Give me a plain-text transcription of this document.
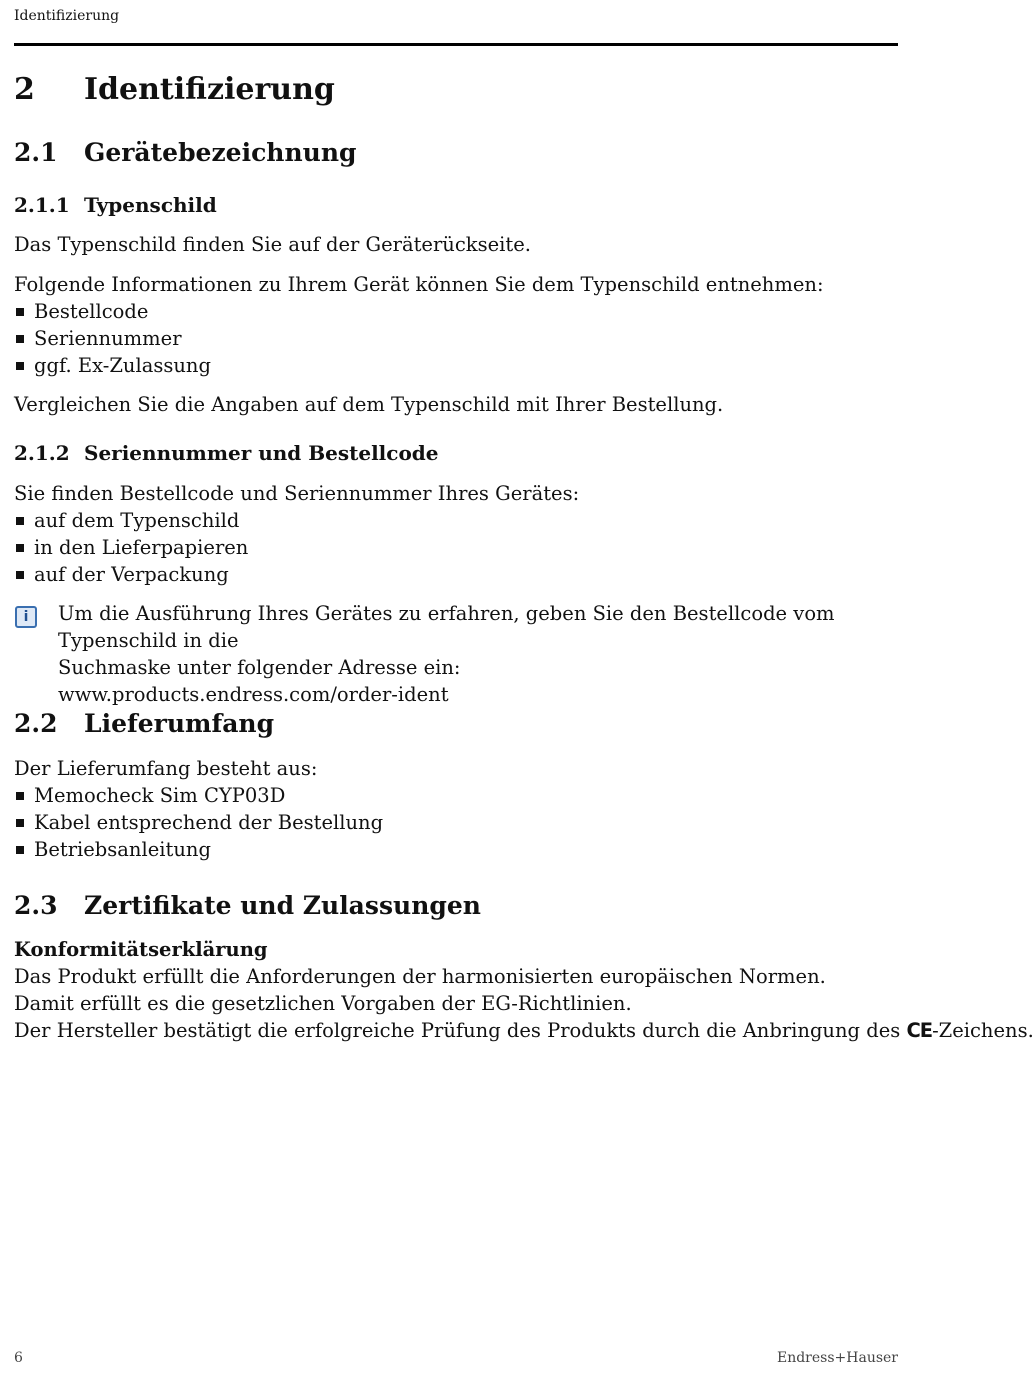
Identifizierung
2 Identifizierung
2.1 Gerätebezeichnung
2.1.1 Typenschild
Das Typenschild finden Sie auf der Geräterückseite.
Folgende Informationen zu Ihrem Gerät können Sie dem Typenschild entnehmen:
Bestellcode
Seriennummer
ggf. Ex-Zulassung
Vergleichen Sie die Angaben auf dem Typenschild mit Ihrer Bestellung.
2.1.2 Seriennummer und Bestellcode
Sie finden Bestellcode und Seriennummer Ihres Gerätes:
auf dem Typenschild
in den Lieferpapieren
auf der Verpackung
i	Um die Ausführung Ihres Gerätes zu erfahren, geben Sie den Bestellcode vom Typenschild in die
Suchmaske unter folgender Adresse ein:
www.products.endress.com/order-ident
2.2 Lieferumfang
Der Lieferumfang besteht aus:
Memocheck Sim CYP03D
Kabel entsprechend der Bestellung
Betriebsanleitung
2.3 Zertifikate und Zulassungen
Konformitätserklärung
Das Produkt erfüllt die Anforderungen der harmonisierten europäischen Normen.
Damit erfüllt es die gesetzlichen Vorgaben der EG-Richtlinien.
Der Hersteller bestätigt die erfolgreiche Prüfung des Produkts durch die Anbringung des CE-Zeichens.
6	Endress+Hauser
